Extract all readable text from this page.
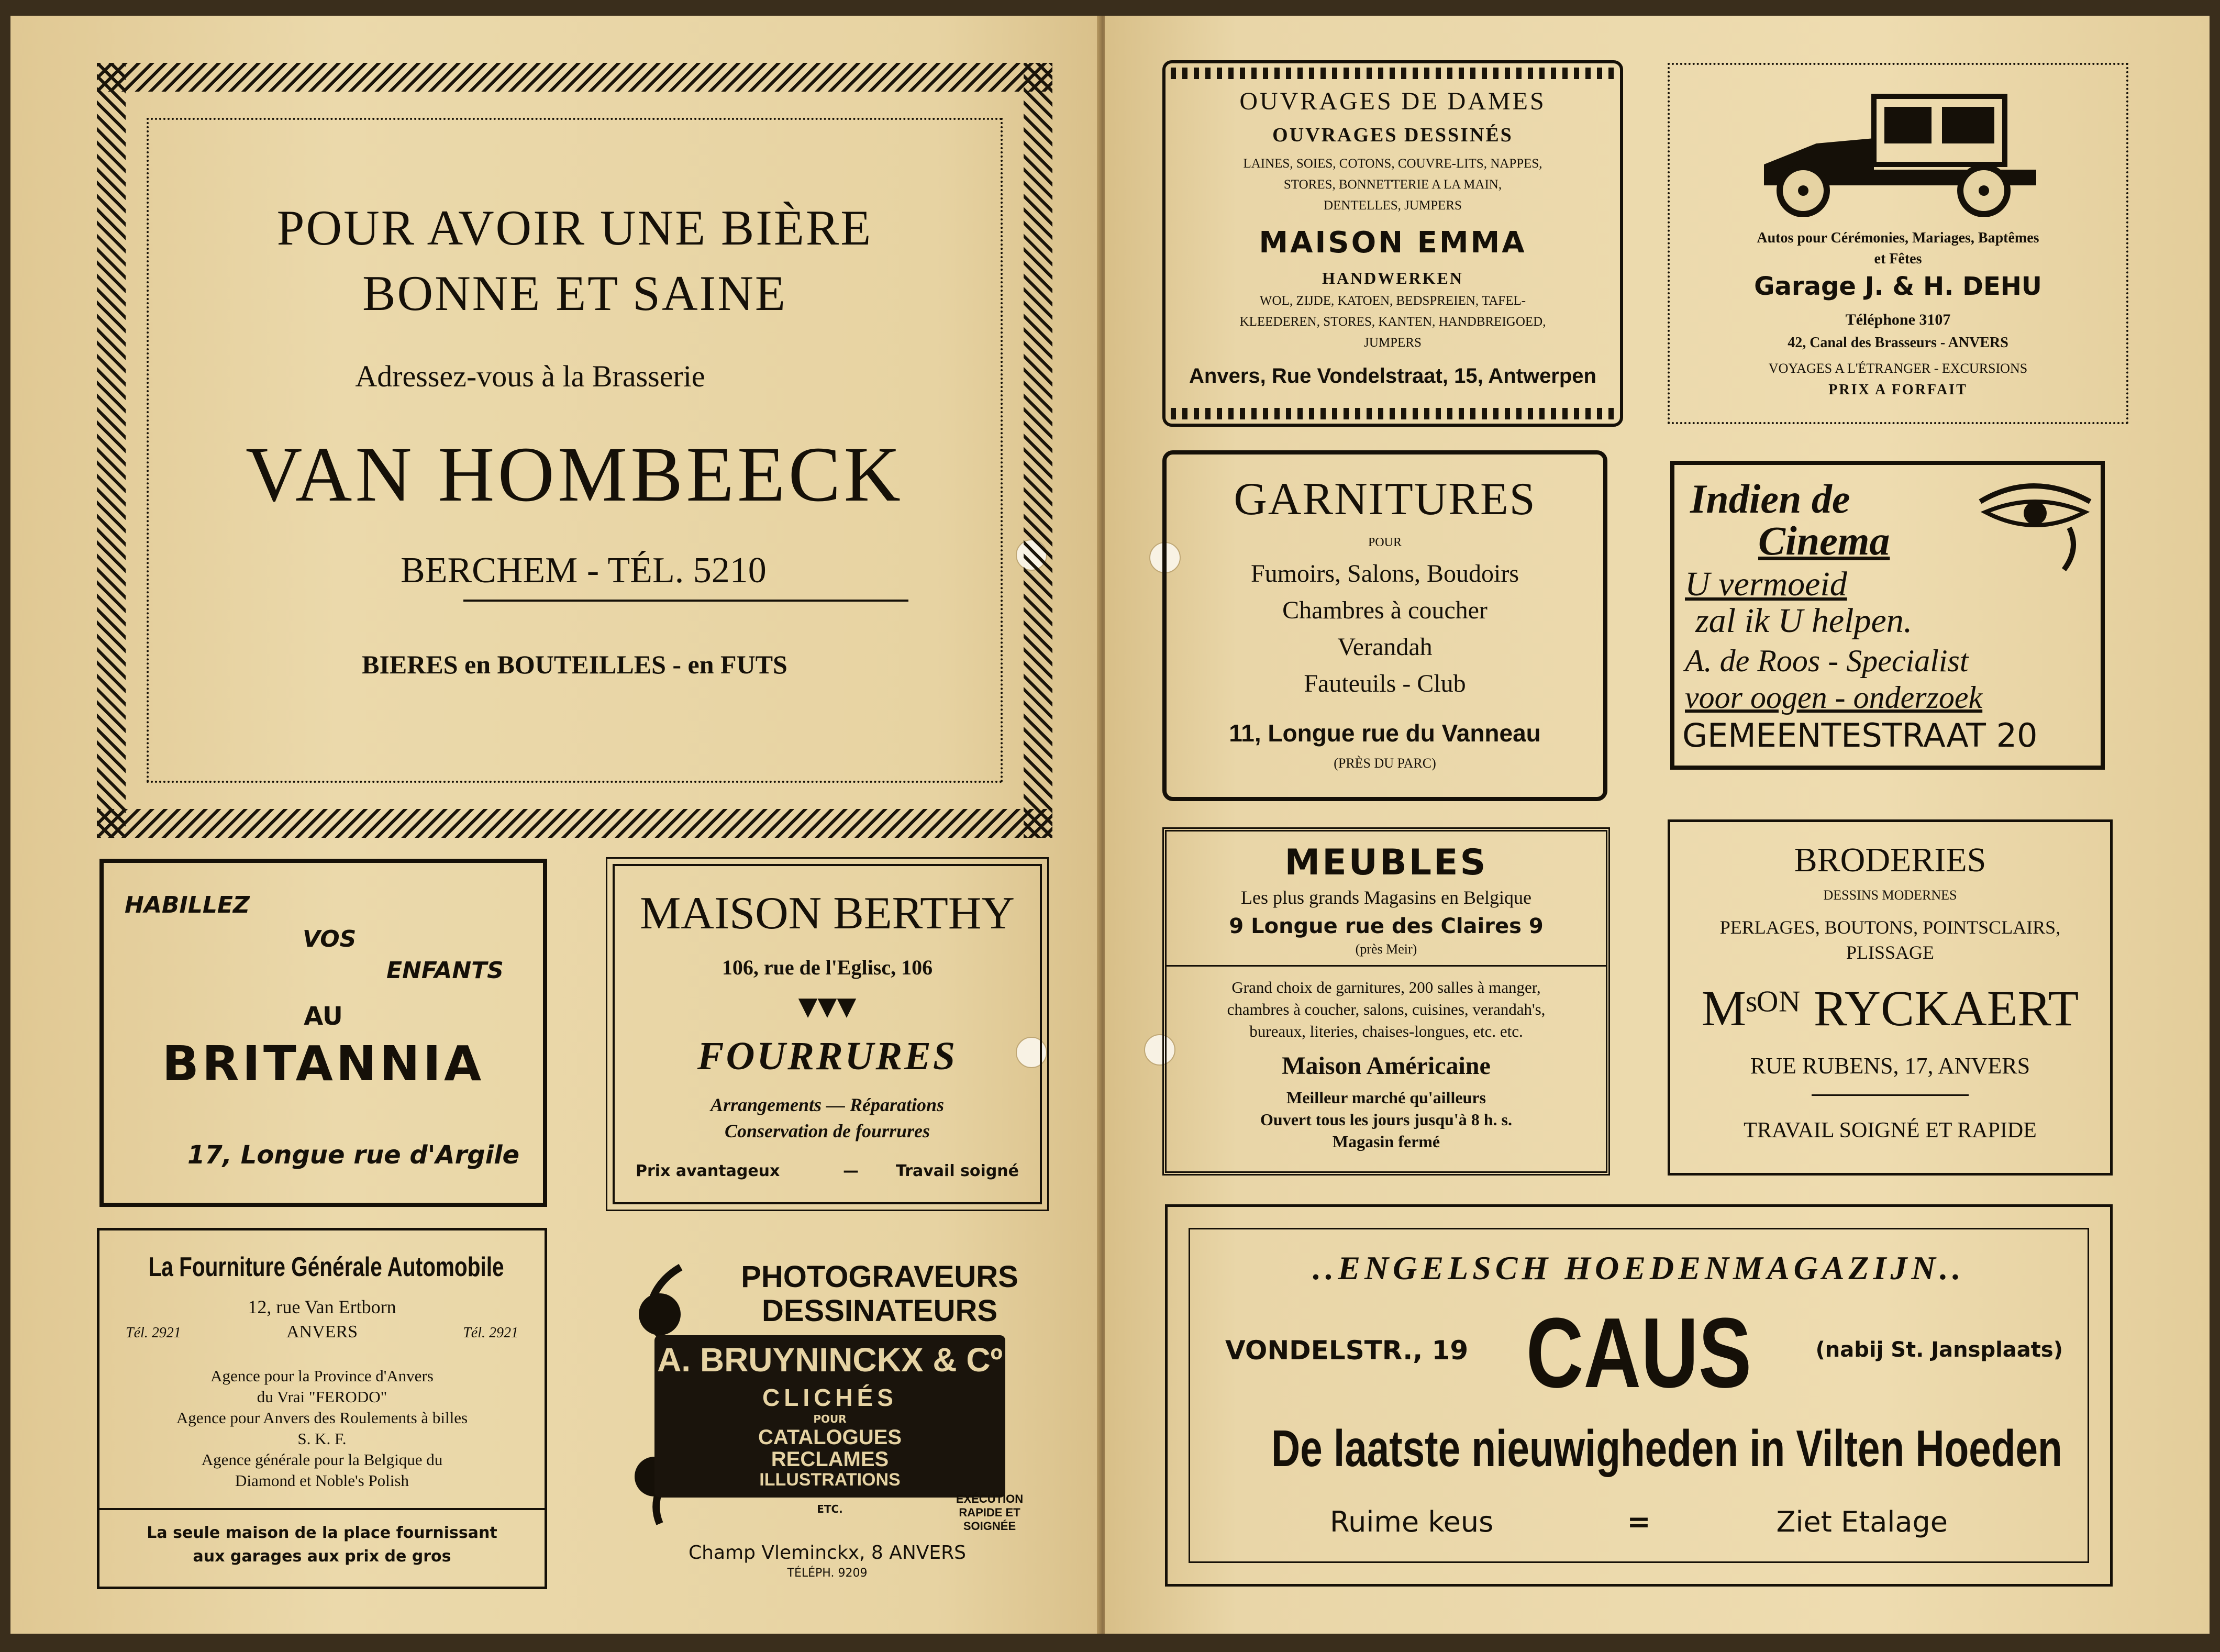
POUR AVOIR UNE BIÈRE
BONNE ET SAINE
Adressez-vous à la Brasserie
VAN HOMBEECK
BERCHEM - TÉL. 5210
BIERES en BOUTEILLES - en FUTS
HABILLEZ
VOS
ENFANTS
AU
BRITANNIA
17, Longue rue d'Argile
MAISON BERTHY
106, rue de l'Eglisc, 106
▼▼▼
FOURRURES
Arrangements — Réparations
Conservation de fourrures
Prix avantageux	—	Travail soigné
La Fourniture Générale Automobile
12, rue Van Ertborn
Tél. 2921	ANVERS	Tél. 2921
Agence pour la Province d'Anvers
du Vrai "FERODO"
Agence pour Anvers des Roulements à billes
S. K. F.
Agence générale pour la Belgique du
Diamond et Noble's Polish
La seule maison de la place fournissant
aux garages aux prix de gros
PHOTOGRAVEURS
DESSINATEURS
A. BRUYNINCKX & Cº
CLICHÉS
POUR
CATALOGUES
RECLAMES
ILLUSTRATIONS
ETC.
EXÉCUTION
RAPIDE ET
SOIGNÉE
Champ Vleminckx, 8 ANVERS
TÉLÉPH. 9209
OUVRAGES DE DAMES
OUVRAGES DESSINÉS
LAINES, SOIES, COTONS, COUVRE-LITS, NAPPES,
STORES, BONNETTERIE A LA MAIN,
DENTELLES, JUMPERS
MAISON EMMA
HANDWERKEN
WOL, ZIJDE, KATOEN, BEDSPREIEN, TAFEL-
KLEEDEREN, STORES, KANTEN, HANDBREIGOED,
JUMPERS
Anvers, Rue Vondelstraat, 15, Antwerpen
Autos pour Cérémonies, Mariages, Baptêmes
et Fêtes
Garage J. & H. DEHU
Téléphone 3107
42, Canal des Brasseurs - ANVERS
VOYAGES A L'ÉTRANGER - EXCURSIONS
PRIX A FORFAIT
GARNITURES
POUR
Fumoirs, Salons, Boudoirs
Chambres à coucher
Verandah
Fauteuils - Club
11, Longue rue du Vanneau
(PRÈS DU PARC)
Indien de
Cinema
U vermoeid
zal ik U helpen.
A. de Roos - Specialist
voor oogen - onderzoek
GEMEENTESTRAAT 20
MEUBLES
Les plus grands Magasins en Belgique
9 Longue rue des Claires 9
(près Meir)
Grand choix de garnitures, 200 salles à manger,
chambres à coucher, salons, cuisines, verandah's,
bureaux, literies, chaises-longues, etc. etc.
Maison Américaine
Meilleur marché qu'ailleurs
Ouvert tous les jours jusqu'à 8 h. s.
Magasin fermé
BRODERIES
DESSINS MODERNES
PERLAGES, BOUTONS, POINTSCLAIRS,
PLISSAGE
Mˢᴼᴺ RYCKAERT
RUE RUBENS, 17, ANVERS
TRAVAIL SOIGNÉ ET RAPIDE
..ENGELSCH HOEDENMAGAZIJN..
VONDELSTR., 19 CAUS	(nabij St. Jansplaats)
De laatste nieuwigheden in Vilten Hoeden
Ruime keus	=	Ziet Etalage
